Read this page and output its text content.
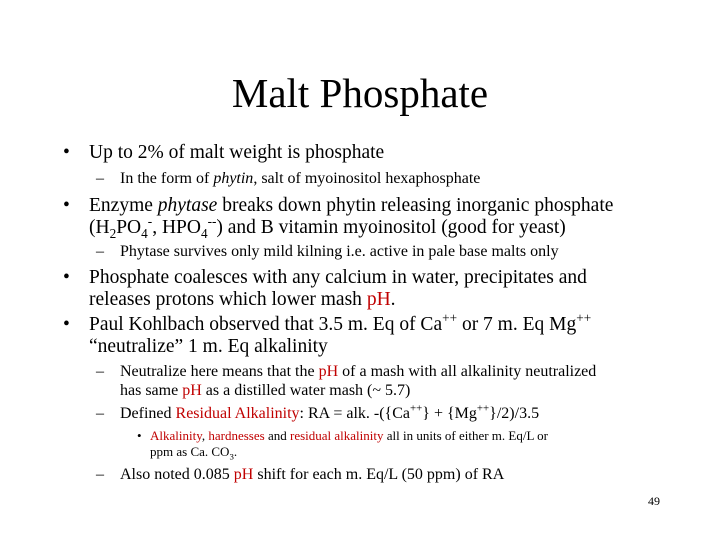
Malt Phosphate
• Up to 2% of malt weight is phosphate
– In the form of phytin, salt of myoinositol hexaphosphate
• Enzyme phytase breaks down phytin releasing inorganic phosphate
($H_2PO_4^-$, $HPO_4^{--}$) and B vitamin myoinositol (good for yeast)
– Phytase survives only mild kilning i.e. active in pale base malts only
• Phosphate coalesces with any calcium in water, precipitates and
releases protons which lower mash pH.
• Paul Kohlbach observed that 3.5 m. Eq of Ca++ or 7 m. Eq Mg++
“neutralize” 1 m. Eq alkalinity
– Neutralize here means that the pH of a mash with all alkalinity neutralized
has same pH as a distilled water mash (~ 5.7)
– Defined Residual Alkalinity: RA = alk. -({Ca++} + {Mg++}/2)/3.5
• Alkalinity, hardnesses and residual alkalinity all in units of either m. Eq/L or
ppm as Ca. $CO_3$.
– Also noted 0.085 pH shift for each m. Eq/L (50 ppm) of RA
49
